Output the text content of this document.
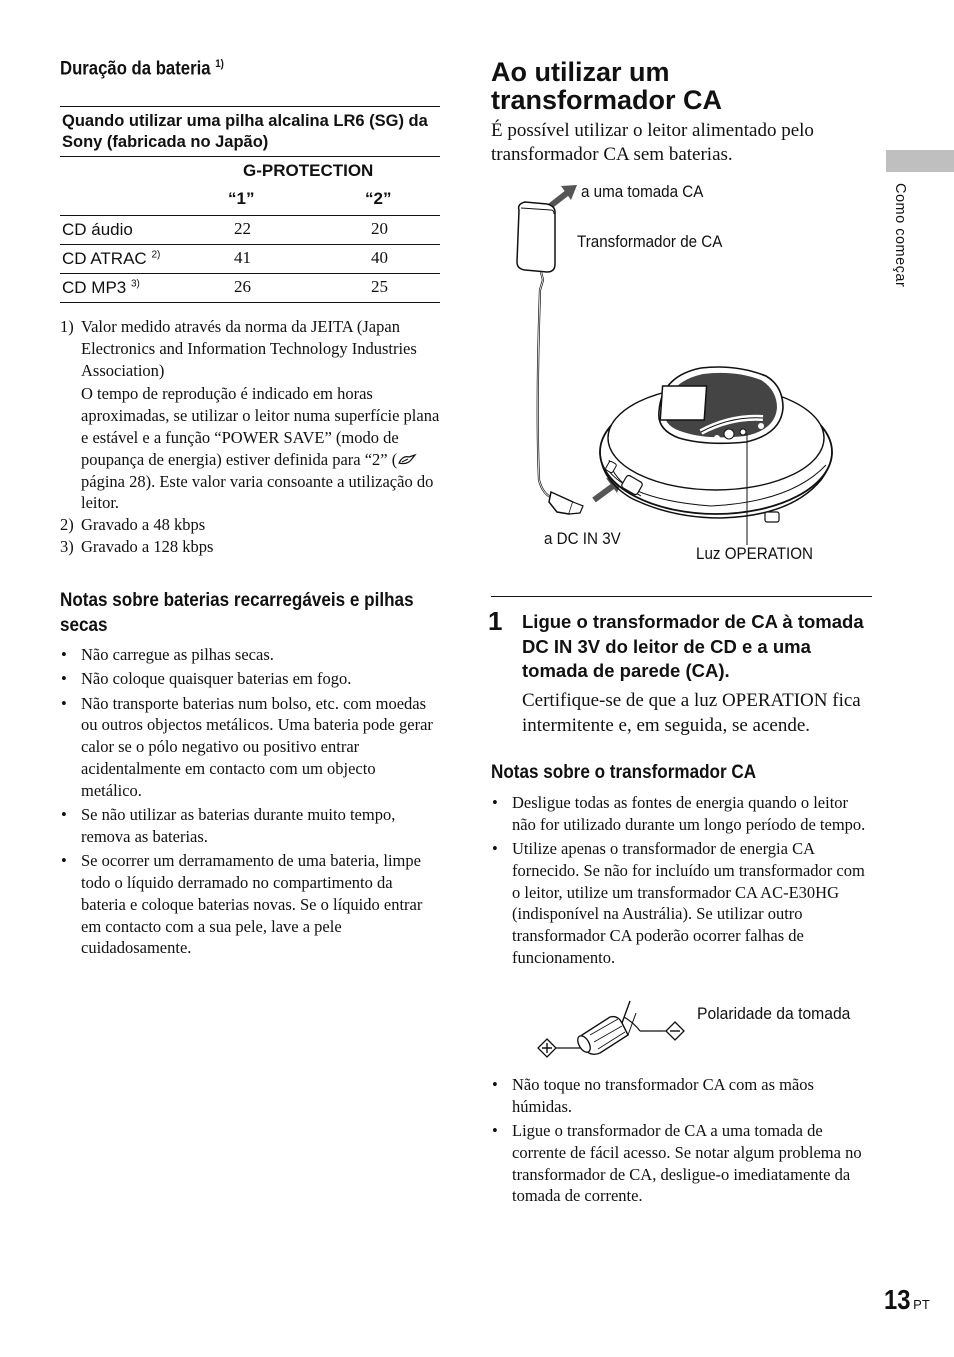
Duração da bateria $^{1)}$
Quando utilizar uma pilha alcalina LR6 (SG) da Sony (fabricada no Japão)
G-PROTECTION
“1”	“2”
CD áudio	22	20
CD ATRAC $^{2)}$	41	40
CD MP3 $^{3)}$	26	25
1) Valor medido através da norma da JEITA (Japan Electronics and Information Technology Industries Association)

O tempo de reprodução é indicado em horas aproximadas, se utilizar o leitor numa superfície plana e estável e a função “POWER SAVE” (modo de poupança de energia) estiver definida para “2” ( página 28). Este valor varia consoante a utilização do leitor.

2) Gravado a 48 kbps

3) Gravado a 128 kbps

Notas sobre baterias recarregáveis e pilhas secas
• Não carregue as pilhas secas.
• Não coloque quaisquer baterias em fogo.
• Não transporte baterias num bolso, etc. com moedas ou outros objectos metálicos. Uma bateria pode gerar calor se o pólo negativo ou positivo entrar acidentalmente em contacto com um objecto metálico.
• Se não utilizar as baterias durante muito tempo, remova as baterias.
• Se ocorrer um derramamento de uma bateria, limpe todo o líquido derramado no compartimento da bateria e coloque baterias novas. Se o líquido entrar em contacto com a sua pele, lave a pele cuidadosamente.
Ao utilizar um transformador CA
É possível utilizar o leitor alimentado pelo transformador CA sem baterias.
a uma tomada CA
Transformador de CA
a DC IN 3V
Luz OPERATION
1 Ligue o transformador de CA à tomada DC IN 3V do leitor de CD e a uma tomada de parede (CA).
Certifique-se de que a luz OPERATION fica intermitente e, em seguida, se acende.
Notas sobre o transformador CA
• Desligue todas as fontes de energia quando o leitor não for utilizado durante um longo período de tempo.
• Utilize apenas o transformador de energia CA fornecido. Se não for incluído um transformador com o leitor, utilize um transformador CA AC-E30HG (indisponível na Austrália). Se utilizar outro transformador CA poderão ocorrer falhas de funcionamento.
Polaridade da tomada
• Não toque no transformador CA com as mãos húmidas.
• Ligue o transformador de CA a uma tomada de corrente de fácil acesso. Se notar algum problema no transformador de CA, desligue-o imediatamente da tomada de corrente.
Como começar
13 PT
